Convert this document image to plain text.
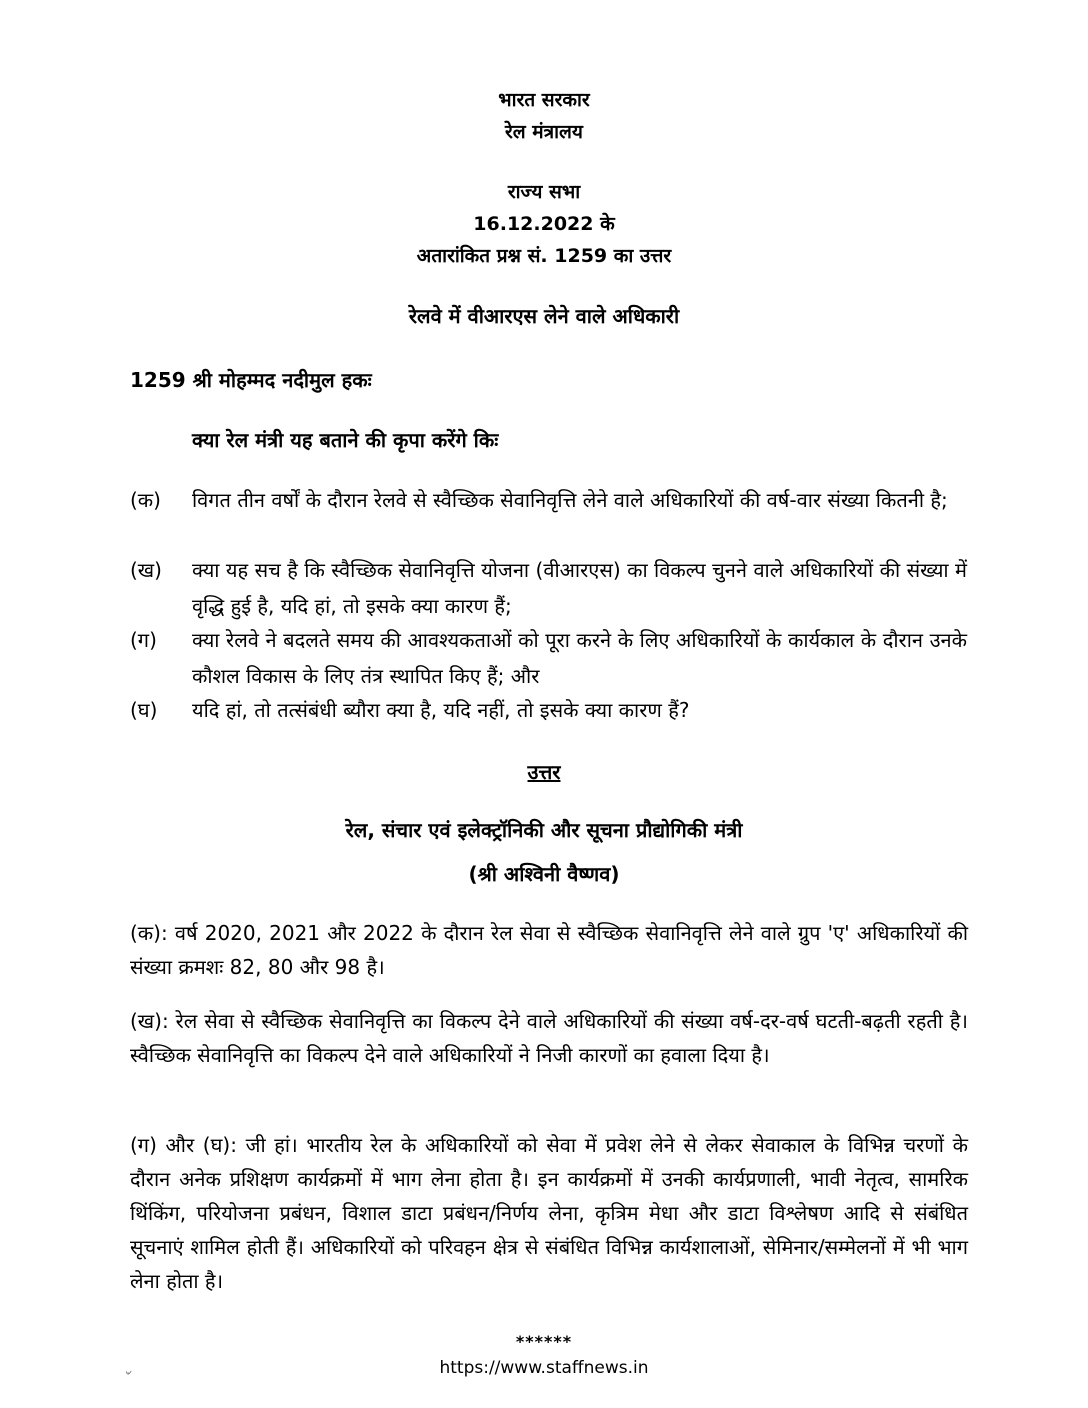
भारत सरकार
रेल मंत्रालय
राज्य सभा
16.12.2022 के
अतारांकित प्रश्न सं. 1259 का उत्तर
रेलवे में वीआरएस लेने वाले अधिकारी
1259 श्री मोहम्मद नदीमुल हकः
क्या रेल मंत्री यह बताने की कृपा करेंगे किः
(क) विगत तीन वर्षों के दौरान रेलवे से स्वैच्छिक सेवानिवृत्ति लेने वाले अधिकारियों की वर्ष-वार संख्या कितनी है;
(ख) क्या यह सच है कि स्वैच्छिक सेवानिवृत्ति योजना (वीआरएस) का विकल्प चुनने वाले अधिकारियों की संख्या में वृद्धि हुई है, यदि हां, तो इसके क्या कारण हैं;
(ग) क्या रेलवे ने बदलते समय की आवश्यकताओं को पूरा करने के लिए अधिकारियों के कार्यकाल के दौरान उनके कौशल विकास के लिए तंत्र स्थापित किए हैं; और
(घ) यदि हां, तो तत्संबंधी ब्यौरा क्या है, यदि नहीं, तो इसके क्या कारण हैं?
उत्तर
रेल, संचार एवं इलेक्ट्रॉनिकी और सूचना प्रौद्योगिकी मंत्री
(श्री अश्विनी वैष्णव)
(क): वर्ष 2020, 2021 और 2022 के दौरान रेल सेवा से स्वैच्छिक सेवानिवृत्ति लेने वाले ग्रुप 'ए' अधिकारियों की संख्या क्रमशः 82, 80 और 98 है।
(ख): रेल सेवा से स्वैच्छिक सेवानिवृत्ति का विकल्प देने वाले अधिकारियों की संख्या वर्ष-दर-वर्ष घटती-बढ़ती रहती है। स्वैच्छिक सेवानिवृत्ति का विकल्प देने वाले अधिकारियों ने निजी कारणों का हवाला दिया है।
(ग) और (घ): जी हां। भारतीय रेल के अधिकारियों को सेवा में प्रवेश लेने से लेकर सेवाकाल के विभिन्न चरणों के दौरान अनेक प्रशिक्षण कार्यक्रमों में भाग लेना होता है। इन कार्यक्रमों में उनकी कार्यप्रणाली, भावी नेतृत्व, सामरिक थिंकिंग, परियोजना प्रबंधन, विशाल डाटा प्रबंधन/निर्णय लेना, कृत्रिम मेधा और डाटा विश्लेषण आदि से संबंधित सूचनाएं शामिल होती हैं। अधिकारियों को परिवहन क्षेत्र से संबंधित विभिन्न कार्यशालाओं, सेमिनार/सम्मेलनों में भी भाग लेना होता है।
******
৺	https://www.staffnews.in
